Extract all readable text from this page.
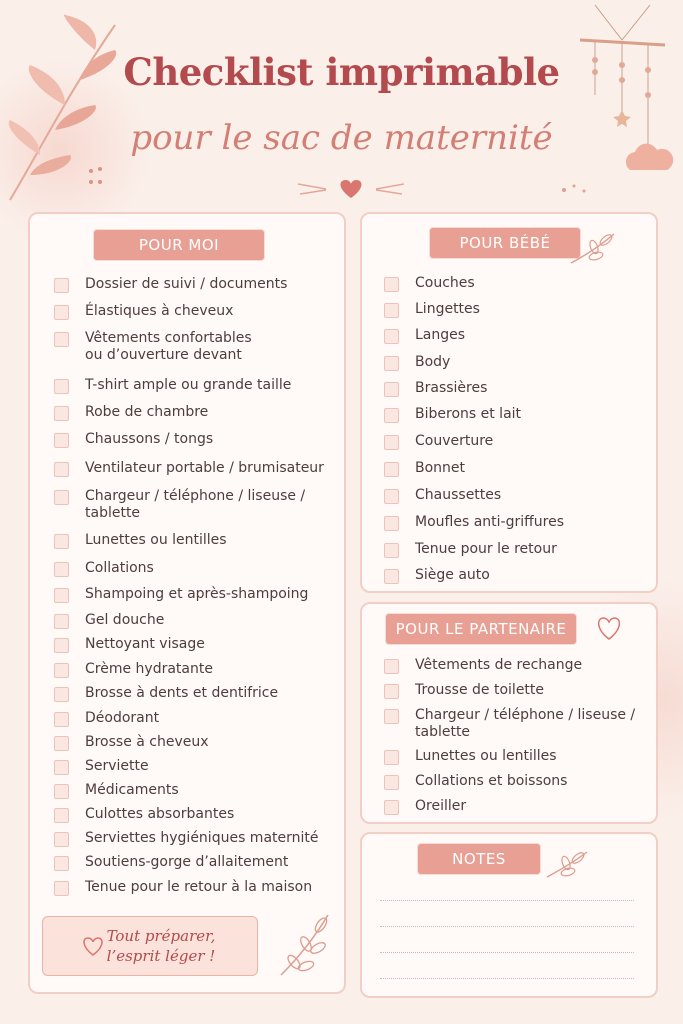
Checklist imprimable
pour le sac de maternité
POUR MOI
Dossier de suivi / documents
Élastiques à cheveux
Vêtements confortables
ou d’ouverture devant
T-shirt ample ou grande taille
Robe de chambre
Chaussons / tongs
Ventilateur portable / brumisateur
Chargeur / téléphone / liseuse /
tablette
Lunettes ou lentilles
Collations
Shampoing et après-shampoing
Gel douche
Nettoyant visage
Crème hydratante
Brosse à dents et dentifrice
Déodorant
Brosse à cheveux
Serviette
Médicaments
Culottes absorbantes
Serviettes hygiéniques maternité
Soutiens-gorge d’allaitement
Tenue pour le retour à la maison
Tout préparer,
l’esprit léger !
POUR BÉBÉ
Couches
Lingettes
Langes
Body
Brassières
Biberons et lait
Couverture
Bonnet
Chaussettes
Moufles anti-griffures
Tenue pour le retour
Siège auto
POUR LE PARTENAIRE
Vêtements de rechange
Trousse de toilette
Chargeur / téléphone / liseuse /
tablette
Lunettes ou lentilles
Collations et boissons
Oreiller
NOTES
